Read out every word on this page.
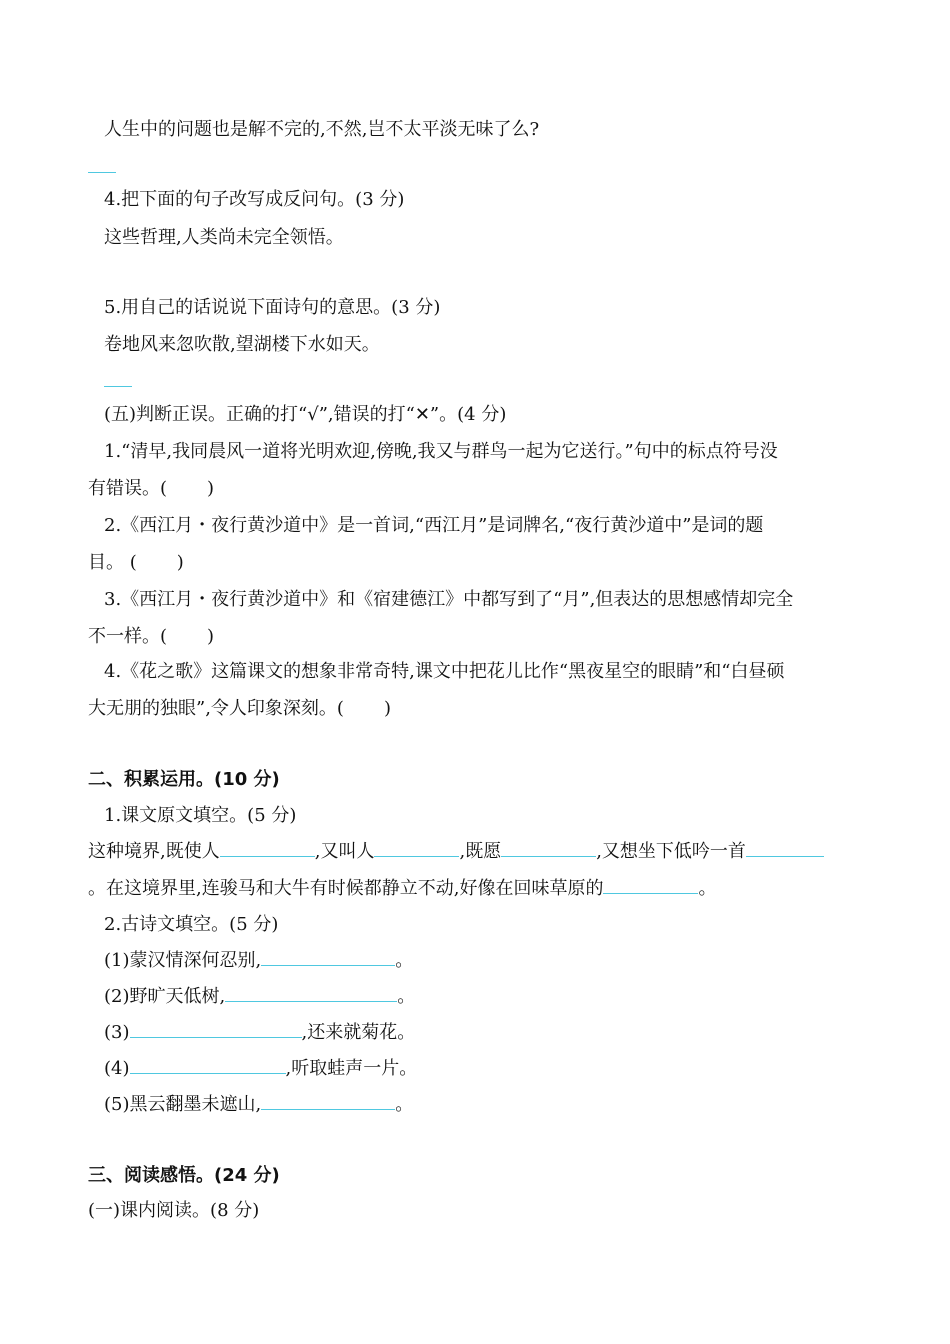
人生中的问题也是解不完的,不然,岂不太平淡无味了么?
4.把下面的句子改写成反问句。(3 分)
这些哲理,人类尚未完全领悟。
5.用自己的话说说下面诗句的意思。(3 分)
卷地风来忽吹散,望湖楼下水如天。
(五)判断正误。正确的打“√”,错误的打“✕”。(4 分)
1.“清早,我同晨风一道将光明欢迎,傍晚,我又与群鸟一起为它送行。”句中的标点符号没
有错误。( )
2.《西江月・夜行黄沙道中》是一首词,“西江月”是词牌名,“夜行黄沙道中”是词的题
目。 ( )
3.《西江月・夜行黄沙道中》和《宿建德江》中都写到了“月”,但表达的思想感情却完全
不一样。( )
4.《花之歌》这篇课文的想象非常奇特,课文中把花儿比作“黑夜星空的眼睛”和“白昼硕
大无朋的独眼”,令人印象深刻。( )
二、积累运用。(10 分)
1.课文原文填空。(5 分)
这种境界,既使人	,又叫人	,既愿	,又想坐下低吟一首
。在这境界里,连骏马和大牛有时候都静立不动,好像在回味草原的	。
2.古诗文填空。(5 分)
(1)蒙汉情深何忍别,	。
(2)野旷天低树,	。
(3)	,还来就菊花。
(4)	,听取蛙声一片。
(5)黑云翻墨未遮山,	。
三、阅读感悟。(24 分)
(一)课内阅读。(8 分)
